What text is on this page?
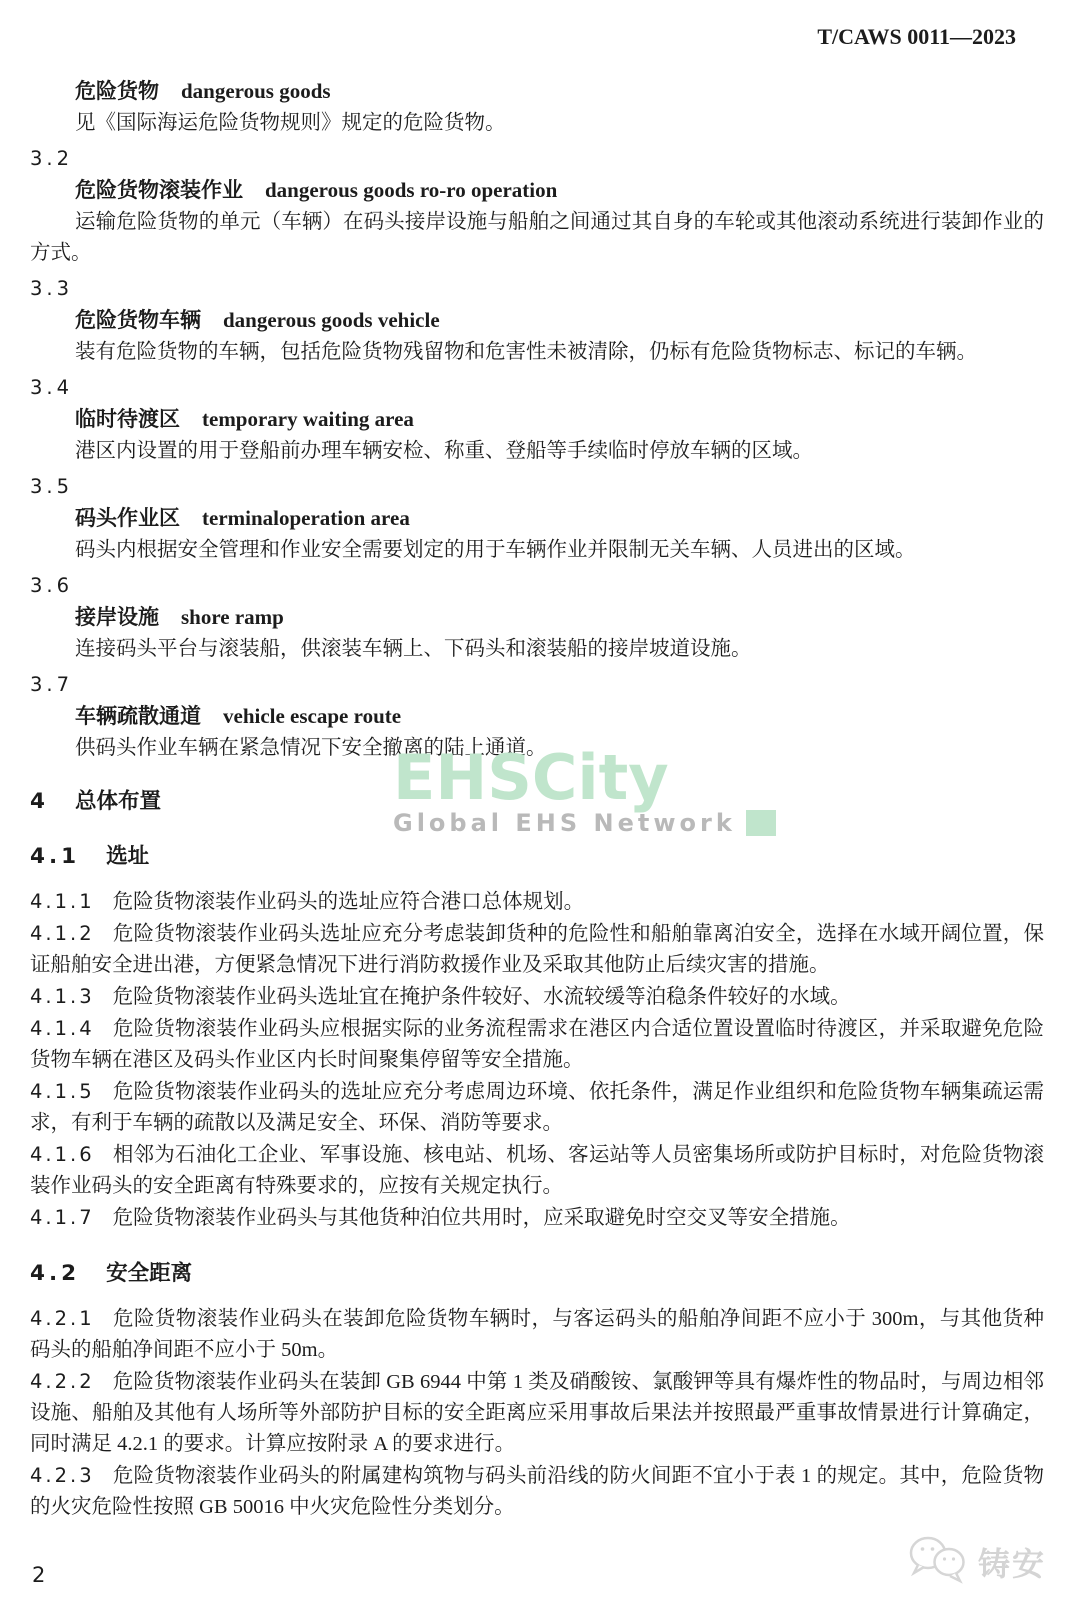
T/CAWS 0011—2023

危险货物 dangerous goods

见《国际海运危险货物规则》规定的危险货物。

3.2

危险货物滚装作业 dangerous goods ro-ro operation

运输危险货物的单元（车辆）在码头接岸设施与船舶之间通过其自身的车轮或其他滚动系统进行装卸作业的方式。

3.3

危险货物车辆 dangerous goods vehicle

装有危险货物的车辆，包括危险货物残留物和危害性未被清除，仍标有危险货物标志、标记的车辆。

3.4

临时待渡区 temporary waiting area

港区内设置的用于登船前办理车辆安检、称重、登船等手续临时停放车辆的区域。

3.5

码头作业区 terminaloperation area

码头内根据安全管理和作业安全需要划定的用于车辆作业并限制无关车辆、人员进出的区域。

3.6

接岸设施 shore ramp

连接码头平台与滚装船，供滚装车辆上、下码头和滚装船的接岸坡道设施。

3.7

车辆疏散通道 vehicle escape route

供码头作业车辆在紧急情况下安全撤离的陆上通道。

4 总体布置

4.1 选址

4.1.1 危险货物滚装作业码头的选址应符合港口总体规划。

4.1.2 危险货物滚装作业码头选址应充分考虑装卸货种的危险性和船舶靠离泊安全，选择在水域开阔位置，保证船舶安全进出港，方便紧急情况下进行消防救援作业及采取其他防止后续灾害的措施。

4.1.3 危险货物滚装作业码头选址宜在掩护条件较好、水流较缓等泊稳条件较好的水域。

4.1.4 危险货物滚装作业码头应根据实际的业务流程需求在港区内合适位置设置临时待渡区，并采取避免危险货物车辆在港区及码头作业区内长时间聚集停留等安全措施。

4.1.5 危险货物滚装作业码头的选址应充分考虑周边环境、依托条件，满足作业组织和危险货物车辆集疏运需求，有利于车辆的疏散以及满足安全、环保、消防等要求。

4.1.6 相邻为石油化工企业、军事设施、核电站、机场、客运站等人员密集场所或防护目标时，对危险货物滚装作业码头的安全距离有特殊要求的，应按有关规定执行。

4.1.7 危险货物滚装作业码头与其他货种泊位共用时，应采取避免时空交叉等安全措施。

4.2 安全距离

4.2.1 危险货物滚装作业码头在装卸危险货物车辆时，与客运码头的船舶净间距不应小于 300m，与其他货种码头的船舶净间距不应小于 50m。

4.2.2 危险货物滚装作业码头在装卸 GB 6944 中第 1 类及硝酸铵、氯酸钾等具有爆炸性的物品时，与周边相邻设施、船舶及其他有人场所等外部防护目标的安全距离应采用事故后果法并按照最严重事故情景进行计算确定，同时满足 4.2.1 的要求。计算应按附录 A 的要求进行。

4.2.3 危险货物滚装作业码头的附属建构筑物与码头前沿线的防火间距不宜小于表 1 的规定。其中，危险货物的火灾危险性按照 GB 50016 中火灾危险性分类划分。

EHSCity
Global EHS Network
2	铸安
